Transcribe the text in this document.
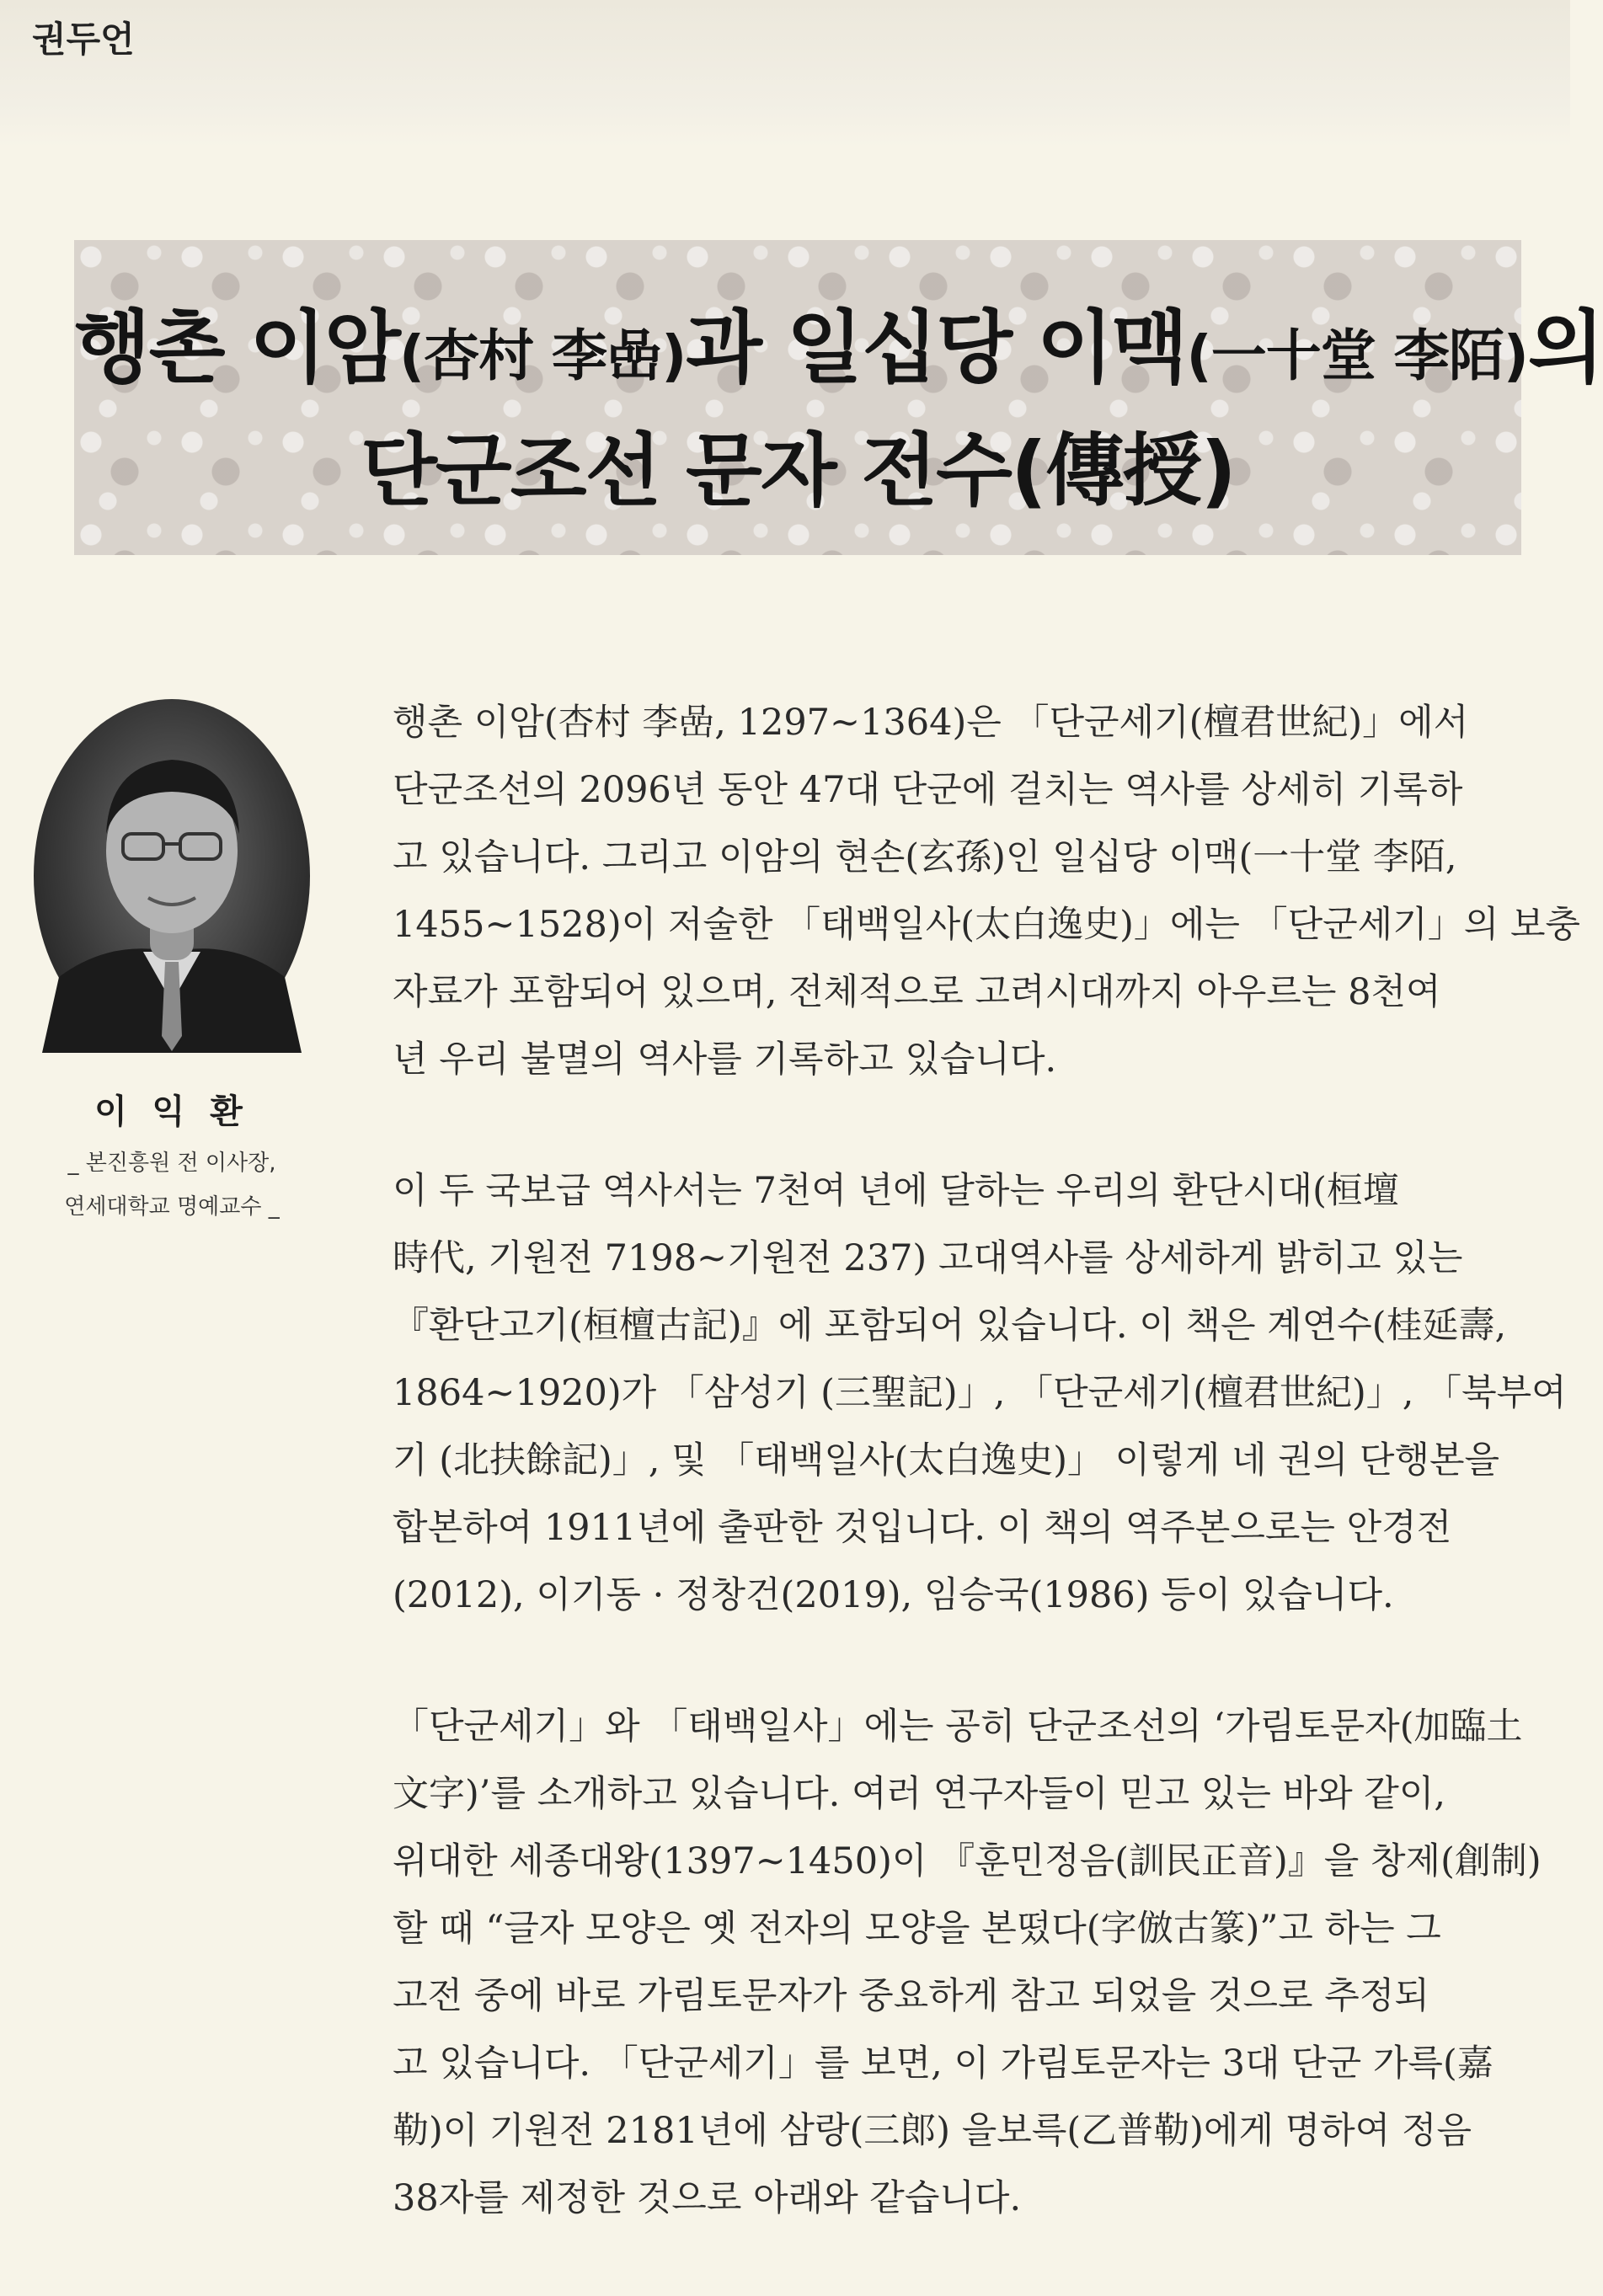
권두언
행촌 이암(杏村 李嵒)과 일십당 이맥(一十堂 李陌)의
단군조선 문자 전수(傳授)
이 익 환
_ 본진흥원 전 이사장,
연세대학교 명예교수 _
행촌 이암(杏村 李嵒, 1297~1364)은 「단군세기(檀君世紀)」에서
단군조선의 2096년 동안 47대 단군에 걸치는 역사를 상세히 기록하
고 있습니다. 그리고 이암의 현손(玄孫)인 일십당 이맥(一十堂 李陌,
1455~1528)이 저술한 「태백일사(太白逸史)」에는 「단군세기」의 보충
자료가 포함되어 있으며, 전체적으로 고려시대까지 아우르는 8천여
년 우리 불멸의 역사를 기록하고 있습니다.
이 두 국보급 역사서는 7천여 년에 달하는 우리의 환단시대(桓壇
時代, 기원전 7198~기원전 237) 고대역사를 상세하게 밝히고 있는
『환단고기(桓檀古記)』에 포함되어 있습니다. 이 책은 계연수(桂延壽,
1864~1920)가 「삼성기 (三聖記)」, 「단군세기(檀君世紀)」, 「북부여
기 (北扶餘記)」, 및 「태백일사(太白逸史)」 이렇게 네 권의 단행본을
합본하여 1911년에 출판한 것입니다. 이 책의 역주본으로는 안경전
(2012), 이기동 · 정창건(2019), 임승국(1986) 등이 있습니다.
「단군세기」와 「태백일사」에는 공히 단군조선의 ‘가림토문자(加臨土
文字)’를 소개하고 있습니다. 여러 연구자들이 믿고 있는 바와 같이,
위대한 세종대왕(1397~1450)이 『훈민정음(訓民正音)』을 창제(創制)
할 때 “글자 모양은 옛 전자의 모양을 본떴다(字倣古篆)”고 하는 그
고전 중에 바로 가림토문자가 중요하게 참고 되었을 것으로 추정되
고 있습니다. 「단군세기」를 보면, 이 가림토문자는 3대 단군 가륵(嘉
勒)이 기원전 2181년에 삼랑(三郎) 을보륵(乙普勒)에게 명하여 정음
38자를 제정한 것으로 아래와 같습니다.
